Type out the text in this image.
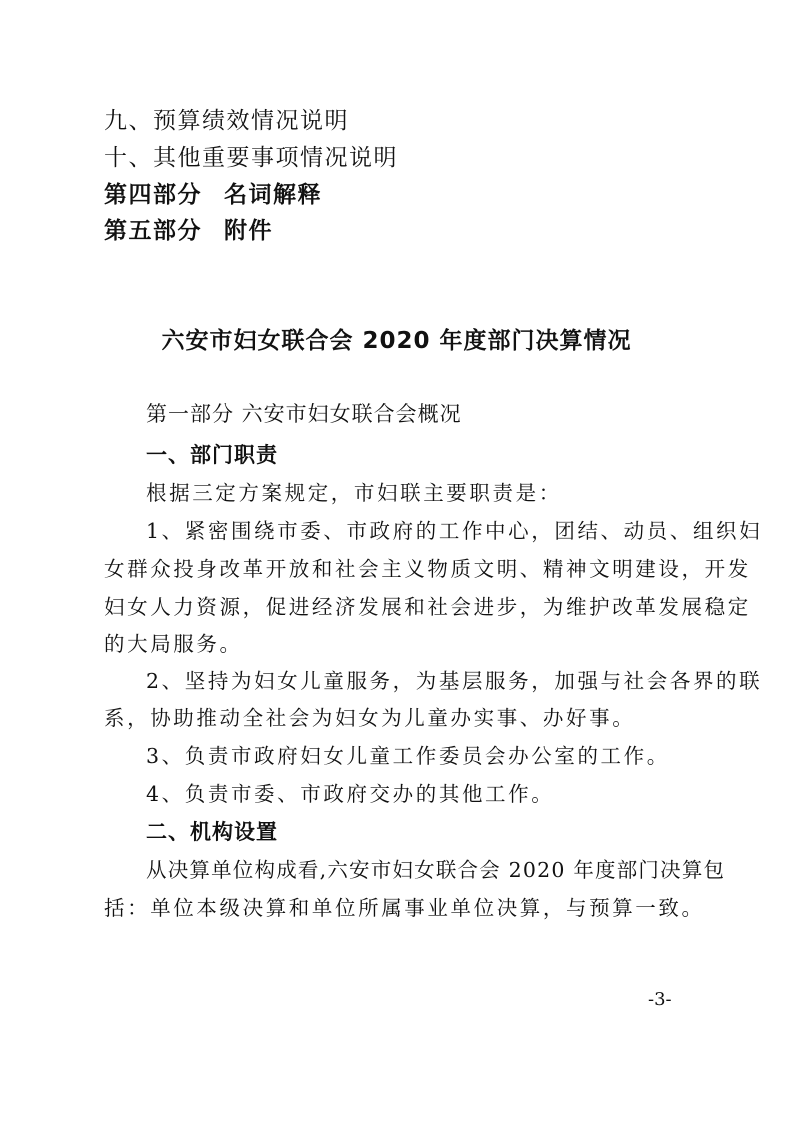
九、预算绩效情况说明
十、其他重要事项情况说明
第四部分 名词解释
第五部分 附件
六安市妇女联合会 2020 年度部门决算情况
第一部分 六安市妇女联合会概况
一、部门职责
根据三定方案规定，市妇联主要职责是：
1、紧密围绕市委、市政府的工作中心，团结、动员、组织妇
女群众投身改革开放和社会主义物质文明、精神文明建设，开发
妇女人力资源，促进经济发展和社会进步，为维护改革发展稳定
的大局服务。
2、坚持为妇女儿童服务，为基层服务，加强与社会各界的联
系，协助推动全社会为妇女为儿童办实事、办好事。
3、负责市政府妇女儿童工作委员会办公室的工作。
4、负责市委、市政府交办的其他工作。
二、机构设置
从决算单位构成看,六安市妇女联合会 2020 年度部门决算包
括：单位本级决算和单位所属事业单位决算，与预算一致。
-3-
